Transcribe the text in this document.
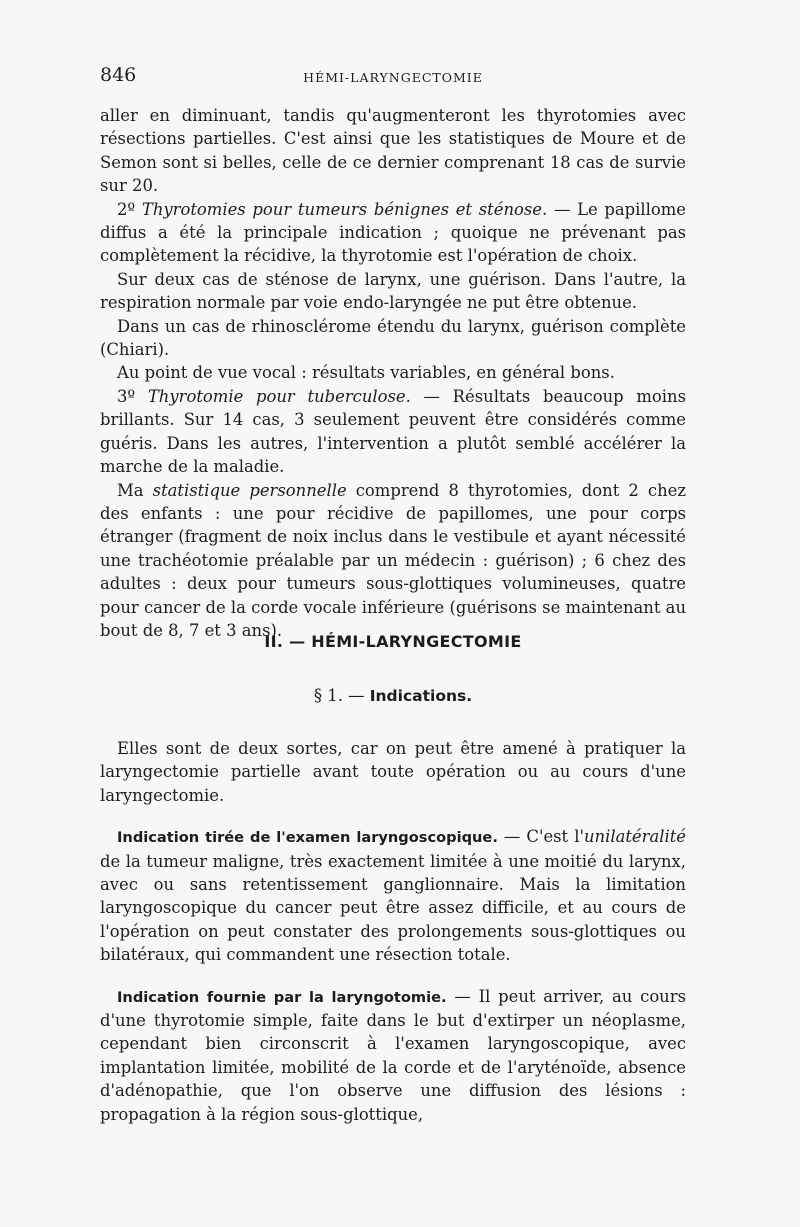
846	HÉMI-LARYNGECTOMIE

aller en diminuant, tandis qu'augmenteront les thyrotomies avec résections partielles. C'est ainsi que les statistiques de Moure et de Semon sont si belles, celle de ce dernier comprenant 18 cas de survie sur 20.

2º Thyrotomies pour tumeurs bénignes et sténose. — Le papillome diffus a été la principale indication ; quoique ne prévenant pas complètement la récidive, la thyrotomie est l'opération de choix.

Sur deux cas de sténose de larynx, une guérison. Dans l'autre, la respiration normale par voie endo-laryngée ne put être obtenue.

Dans un cas de rhinosclérome étendu du larynx, guérison complète (Chiari).

Au point de vue vocal : résultats variables, en général bons.

3º Thyrotomie pour tuberculose. — Résultats beaucoup moins brillants. Sur 14 cas, 3 seulement peuvent être considérés comme guéris. Dans les autres, l'intervention a plutôt semblé accélérer la marche de la maladie.

Ma statistique personnelle comprend 8 thyrotomies, dont 2 chez des enfants : une pour récidive de papillomes, une pour corps étranger (fragment de noix inclus dans le vestibule et ayant nécessité une trachéotomie préalable par un médecin : guérison) ; 6 chez des adultes : deux pour tumeurs sous-glottiques volumineuses, quatre pour cancer de la corde vocale inférieure (guérisons se maintenant au bout de 8, 7 et 3 ans).

II. — HÉMI-LARYNGECTOMIE
§ 1. — Indications.

Elles sont de deux sortes, car on peut être amené à pratiquer la laryngectomie partielle avant toute opération ou au cours d'une laryngectomie.

Indication tirée de l'examen laryngoscopique. — C'est l'unilatéralité de la tumeur maligne, très exactement limitée à une moitié du larynx, avec ou sans retentissement ganglionnaire. Mais la limitation laryngoscopique du cancer peut être assez difficile, et au cours de l'opération on peut constater des prolongements sous-glottiques ou bilatéraux, qui commandent une résection totale.

Indication fournie par la laryngotomie. — Il peut arriver, au cours d'une thyrotomie simple, faite dans le but d'extirper un néoplasme, cependant bien circonscrit à l'examen laryngoscopique, avec implantation limitée, mobilité de la corde et de l'aryténoïde, absence d'adénopathie, que l'on observe une diffusion des lésions : propagation à la région sous-glottique,
